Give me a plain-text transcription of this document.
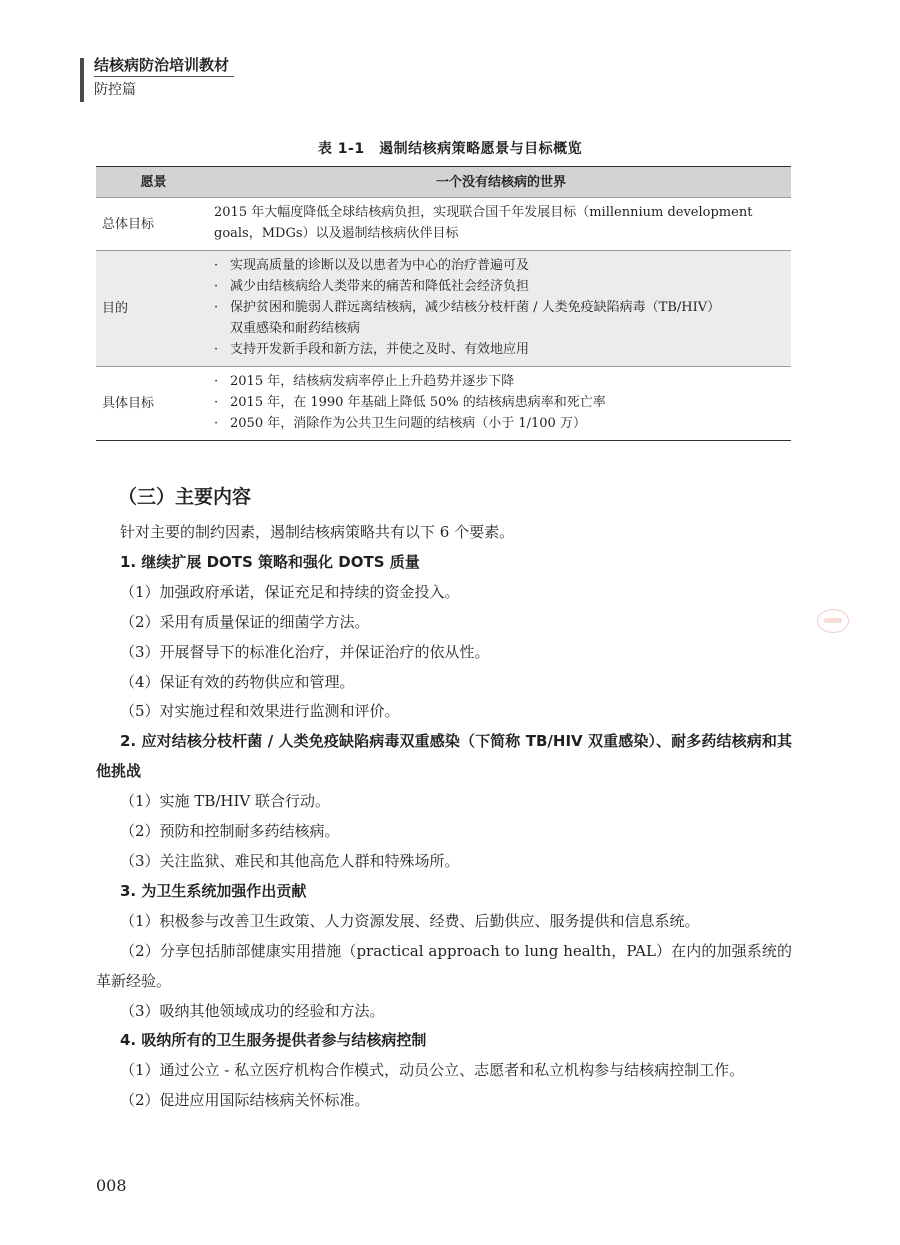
结核病防治培训教材
防控篇
表 1-1　遏制结核病策略愿景与目标概览
愿景	一个没有结核病的世界
总体目标
2015 年大幅度降低全球结核病负担，实现联合国千年发展目标（millennium development
goals，MDGs）以及遏制结核病伙伴目标
目的
· 实现高质量的诊断以及以患者为中心的治疗普遍可及
· 减少由结核病给人类带来的痛苦和降低社会经济负担
· 保护贫困和脆弱人群远离结核病，减少结核分枝杆菌 / 人类免疫缺陷病毒（TB/HIV）
双重感染和耐药结核病
· 支持开发新手段和新方法，并使之及时、有效地应用
具体目标
· 2015 年，结核病发病率停止上升趋势并逐步下降
· 2015 年，在 1990 年基础上降低 50% 的结核病患病率和死亡率
· 2050 年，消除作为公共卫生问题的结核病（小于 1/100 万）
（三）主要内容

针对主要的制约因素，遏制结核病策略共有以下 6 个要素。

1. 继续扩展 DOTS 策略和强化 DOTS 质量

（1）加强政府承诺，保证充足和持续的资金投入。

（2）采用有质量保证的细菌学方法。

（3）开展督导下的标准化治疗，并保证治疗的依从性。

（4）保证有效的药物供应和管理。

（5）对实施过程和效果进行监测和评价。

2. 应对结核分枝杆菌 / 人类免疫缺陷病毒双重感染（下简称 TB/HIV 双重感染）、耐多药结核病和其他挑战

（1）实施 TB/HIV 联合行动。

（2）预防和控制耐多药结核病。

（3）关注监狱、难民和其他高危人群和特殊场所。

3. 为卫生系统加强作出贡献

（1）积极参与改善卫生政策、人力资源发展、经费、后勤供应、服务提供和信息系统。

（2）分享包括肺部健康实用措施（practical approach to lung health，PAL）在内的加强系统的革新经验。

（3）吸纳其他领域成功的经验和方法。

4. 吸纳所有的卫生服务提供者参与结核病控制

（1）通过公立 - 私立医疗机构合作模式，动员公立、志愿者和私立机构参与结核病控制工作。

（2）促进应用国际结核病关怀标准。

008
